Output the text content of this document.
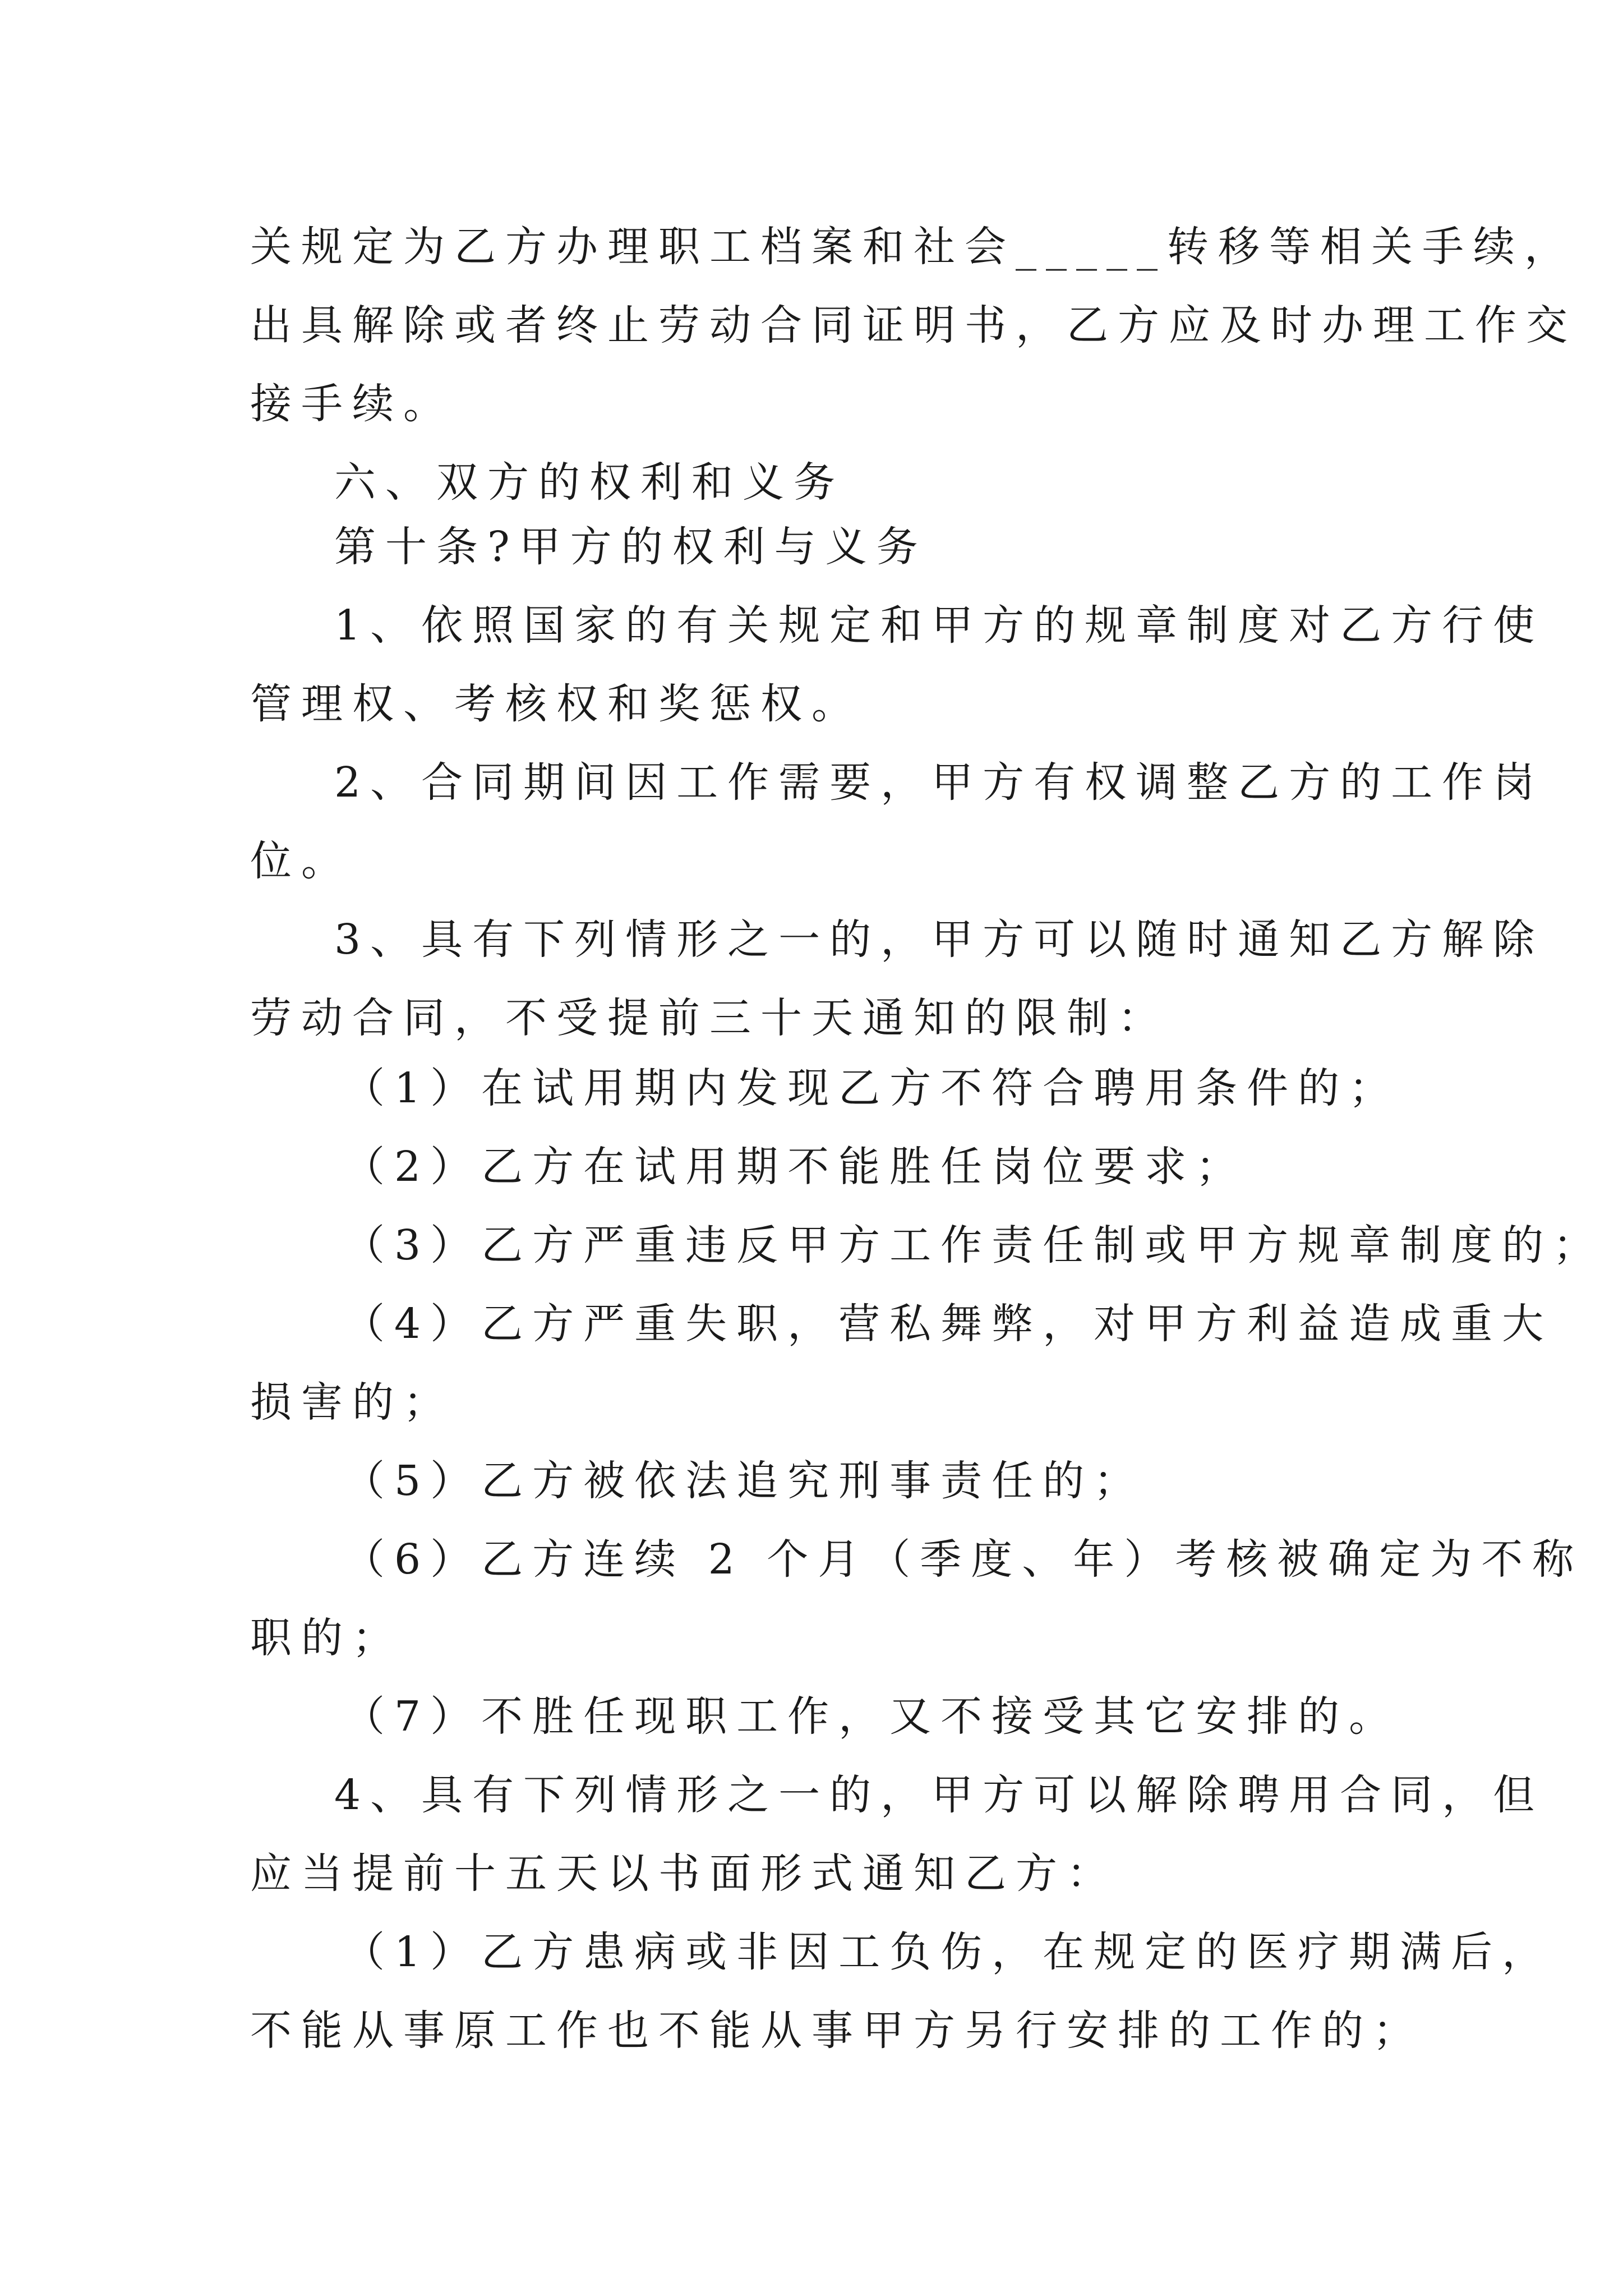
关规定为乙方办理职工档案和社会_____转移等相关手续，
出具解除或者终止劳动合同证明书，乙方应及时办理工作交
接手续。
六、双方的权利和义务
第十条?甲方的权利与义务
1、依照国家的有关规定和甲方的规章制度对乙方行使
管理权、考核权和奖惩权。
2、合同期间因工作需要，甲方有权调整乙方的工作岗
位。
3、具有下列情形之一的，甲方可以随时通知乙方解除
劳动合同，不受提前三十天通知的限制：
（1）在试用期内发现乙方不符合聘用条件的；
（2）乙方在试用期不能胜任岗位要求；
（3）乙方严重违反甲方工作责任制或甲方规章制度的；
（4）乙方严重失职，营私舞弊，对甲方利益造成重大
损害的；
（5）乙方被依法追究刑事责任的；
（6）乙方连续 2 个月（季度、年）考核被确定为不称
职的；
（7）不胜任现职工作，又不接受其它安排的。
4、具有下列情形之一的，甲方可以解除聘用合同，但
应当提前十五天以书面形式通知乙方：
（1）乙方患病或非因工负伤，在规定的医疗期满后，
不能从事原工作也不能从事甲方另行安排的工作的；
